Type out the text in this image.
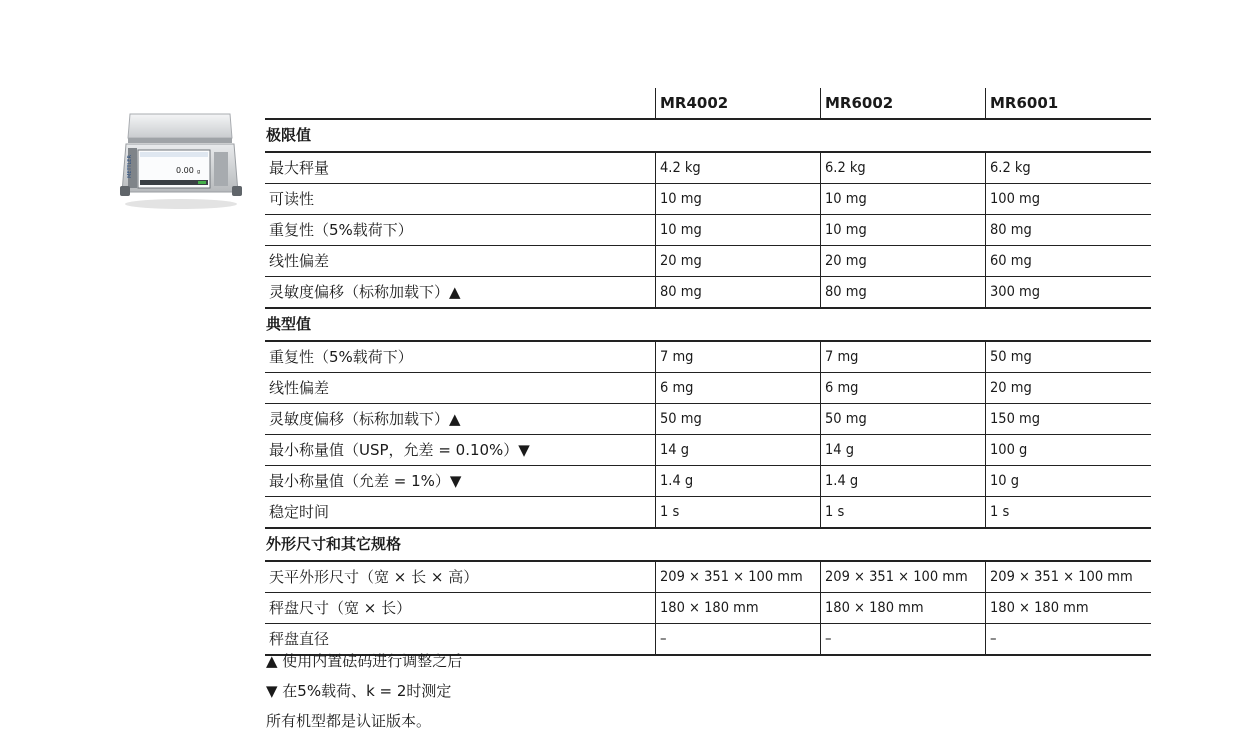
METTLER	0.00 g
MR4002	MR6002	MR6001
极限值
最大秤量	4.2 kg	6.2 kg	6.2 kg
可读性	10 mg	10 mg	100 mg
重复性（5%载荷下）	10 mg	10 mg	80 mg
线性偏差	20 mg	20 mg	60 mg
灵敏度偏移（标称加载下）▲	80 mg	80 mg	300 mg
典型值
重复性（5%载荷下）	7 mg	7 mg	50 mg
线性偏差	6 mg	6 mg	20 mg
灵敏度偏移（标称加载下）▲	50 mg	50 mg	150 mg
最小称量值（USP，允差 = 0.10%）▼	14 g	14 g	100 g
最小称量值（允差 = 1%）▼	1.4 g	1.4 g	10 g
稳定时间	1 s	1 s	1 s
外形尺寸和其它规格
天平外形尺寸（宽 × 长 × 高）	209 × 351 × 100 mm	209 × 351 × 100 mm	209 × 351 × 100 mm
秤盘尺寸（宽 × 长）	180 × 180 mm	180 × 180 mm	180 × 180 mm
秤盘直径	–	–	–
▲ 使用内置砝码进行调整之后
▼ 在5%载荷、k = 2时测定
所有机型都是认证版本。
